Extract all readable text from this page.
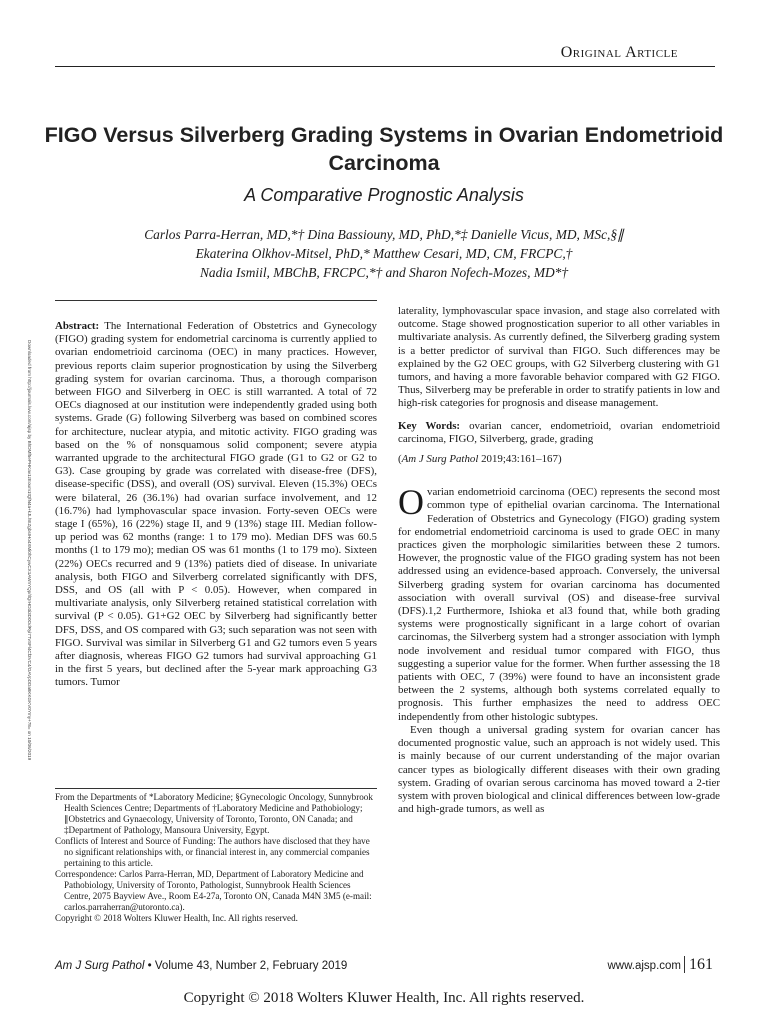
Original Article
FIGO Versus Silverberg Grading Systems in Ovarian Endometrioid Carcinoma
A Comparative Prognostic Analysis
Carlos Parra-Herran, MD,*† Dina Bassiouny, MD, PhD,*‡ Danielle Vicus, MD, MSc,§∥
Ekaterina Olkhov-Mitsel, PhD,* Matthew Cesari, MD, CM, FRCPC,†
Nadia Ismiil, MBChB, FRCPC,*† and Sharon Nofech-Mozes, MD*†
Downloaded from http://journals.lww.com/ajsp by BhDMf5ePHKav1zEoum1tQfN4a+kJLhEZgbsIHo4XMi0hCywCX1AWnYQp/IlQrHD3i3D0OdRyi7TvSFl4Cf3VC4/OAVpDDa8KKGKV0Ymy+78= on 10/06/2019

Abstract: The International Federation of Obstetrics and Gynecology (FIGO) grading system for endometrial carcinoma is currently applied to ovarian endometrioid carcinoma (OEC) in many practices. However, previous reports claim superior prognostication by using the Silverberg grading system for ovarian carcinoma. Thus, a thorough comparison between FIGO and Silverberg in OEC is still warranted. A total of 72 OECs diagnosed at our institution were independently graded using both systems. Grade (G) following Silverberg was based on combined scores for architecture, nuclear atypia, and mitotic activity. FIGO grading was based on the % of nonsquamous solid component; severe atypia warranted upgrade to the architectural FIGO grade (G1 to G2 or G2 to G3). Case grouping by grade was correlated with disease-free (DFS), disease-specific (DSS), and overall (OS) survival. Eleven (15.3%) OECs were bilateral, 26 (36.1%) had ovarian surface involvement, and 12 (16.7%) had lymphovascular space invasion. Forty-seven OECs were stage I (65%), 16 (22%) stage II, and 9 (13%) stage III. Median follow-up period was 62 months (range: 1 to 179 mo). Median DFS was 60.5 months (1 to 179 mo); median OS was 61 months (1 to 179 mo). Sixteen (22%) OECs recurred and 9 (13%) patiets died of disease. In univariate analysis, both FIGO and Silverberg correlated significantly with DFS, DSS, and OS (all with P < 0.05). However, when compared in multivariate analysis, only Silverberg retained statistical correlation with survival (P < 0.05). G1+G2 OEC by Silverberg had significantly better DFS, DSS, and OS compared with G3; such separation was not seen with FIGO. Survival was similar in Silverberg G1 and G2 tumors even 5 years after diagnosis, whereas FIGO G2 tumors had survival approaching G1 in the first 5 years, but declined after the 5-year mark approaching G3 tumors. Tumor

From the Departments of *Laboratory Medicine; §Gynecologic Oncology, Sunnybrook Health Sciences Centre; Departments of †Laboratory Medicine and Pathobiology; ∥Obstetrics and Gynaecology, University of Toronto, Toronto, ON Canada; and ‡Department of Pathology, Mansoura University, Egypt.
Conflicts of Interest and Source of Funding: The authors have disclosed that they have no significant relationships with, or financial interest in, any commercial companies pertaining to this article.
Correspondence: Carlos Parra-Herran, MD, Department of Laboratory Medicine and Pathobiology, University of Toronto, Pathologist, Sunnybrook Health Sciences Centre, 2075 Bayview Ave., Room E4-27a, Toronto ON, Canada M4N 3M5 (e-mail: carlos.parraherran@utoronto.ca).
Copyright © 2018 Wolters Kluwer Health, Inc. All rights reserved.

laterality, lymphovascular space invasion, and stage also correlated with outcome. Stage showed prognostication superior to all other variables in multivariate analysis. As currently defined, the Silverberg grading system is a better predictor of survival than FIGO. Such differences may be explained by the G2 OEC groups, with G2 Silverberg clustering with G1 tumors, and having a more favorable behavior compared with G2 FIGO. Thus, Silverberg may be preferable in order to stratify patients in low and high-risk categories for prognosis and disease management.

Key Words: ovarian cancer, endometrioid, ovarian endometrioid carcinoma, FIGO, Silverberg, grade, grading

(Am J Surg Pathol 2019;43:161–167)

Ovarian endometrioid carcinoma (OEC) represents the second most common type of epithelial ovarian carcinoma. The International Federation of Obstetrics and Gynecology (FIGO) grading system for endometrial endometrioid carcinoma is used to grade OEC in many practices given the morphologic similarities between these 2 tumors. However, the prognostic value of the FIGO grading system has not been addressed using an evidence-based approach. Conversely, the universal Silverberg grading system for ovarian carcinoma has documented association with overall survival (OS) and disease-free survival (DFS).1,2 Furthermore, Ishioka et al3 found that, while both grading systems were prognostically significant in a large cohort of ovarian carcinomas, the Silverberg system had a stronger association with lymph node involvement and residual tumor compared with FIGO, thus suggesting a superior value for the former. When further assessing the 18 patients with OEC, 7 (39%) were found to have an inconsistent grade between the 2 systems, although both systems correlated equally to prognosis. This further emphasizes the need to address OEC independently from other histologic subtypes.

Even though a universal grading system for ovarian cancer has documented prognostic value, such an approach is not widely used. This is mainly because of our current understanding of the major ovarian cancer types as biologically different diseases with their own grading system. Grading of ovarian serous carcinoma has moved toward a 2-tier system with proven biological and clinical differences between low-grade and high-grade tumors, as well as

Am J Surg Pathol • Volume 43, Number 2, February 2019	www.ajsp.com 161
Copyright © 2018 Wolters Kluwer Health, Inc. All rights reserved.
